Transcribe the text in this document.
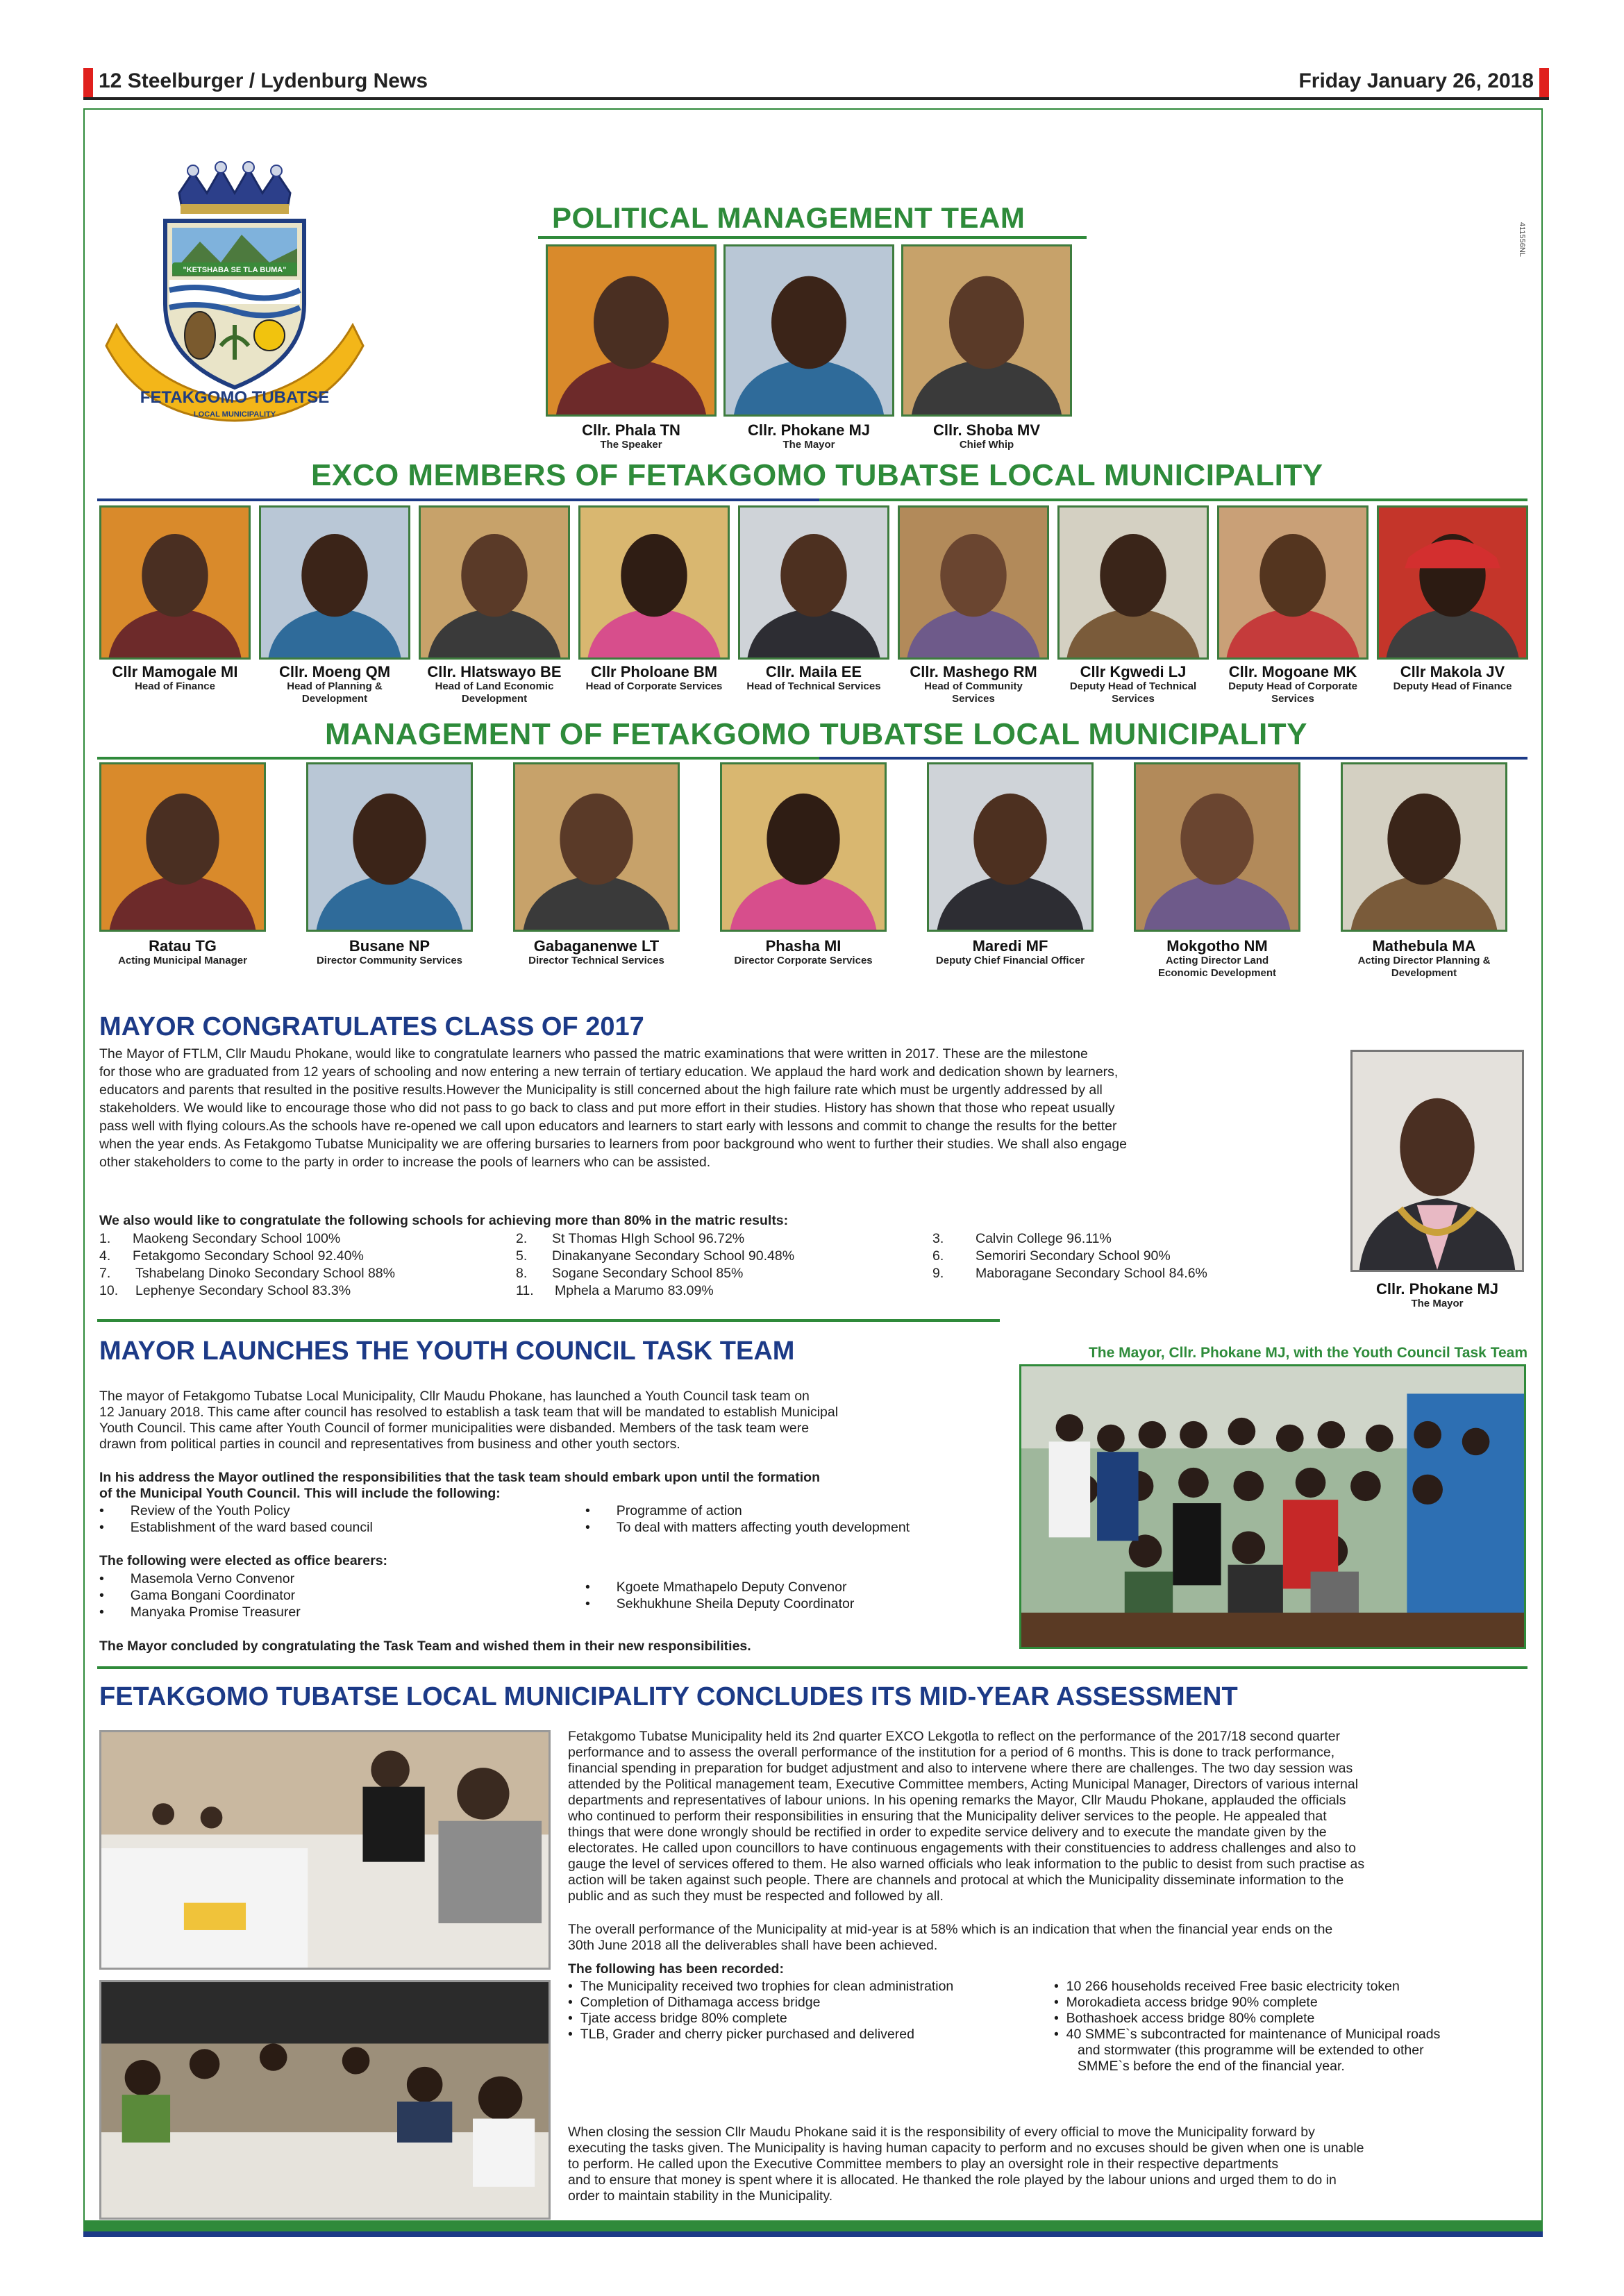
12 Steelburger / Lydenburg News	Friday January 26, 2018
411556NL
"KETSHABA SE TLA BUMA"
FETAKGOMO TUBATSE
LOCAL MUNICIPALITY
POLITICAL MANAGEMENT TEAM
Cllr. Phala TN
The Speaker
Cllr. Phokane MJ
The Mayor
Cllr. Shoba MV
Chief Whip
EXCO MEMBERS OF FETAKGOMO TUBATSE LOCAL MUNICIPALITY
Cllr Mamogale MI
Head of Finance
Cllr. Moeng QM
Head of Planning &
Development
Cllr. Hlatswayo BE
Head of Land Economic
Development
Cllr Pholoane BM
Head of Corporate Services
Cllr. Maila EE
Head of Technical Services
Cllr. Mashego RM
Head of Community
Services
Cllr Kgwedi LJ
Deputy Head of Technical
Services
Cllr. Mogoane MK
Deputy Head of Corporate
Services
Cllr Makola JV
Deputy Head of Finance
MANAGEMENT OF FETAKGOMO TUBATSE LOCAL MUNICIPALITY
Ratau TG
Acting Municipal Manager
Busane NP
Director Community Services
Gabaganenwe LT
Director Technical Services
Phasha MI
Director Corporate Services
Maredi MF
Deputy Chief Financial Officer
Mokgotho NM
Acting Director Land
Economic Development
Mathebula MA
Acting Director Planning &
Development
MAYOR CONGRATULATES CLASS OF 2017
The Mayor of FTLM, Cllr Maudu Phokane, would like to congratulate learners who passed the matric examinations that were written in 2017. These are the milestone
for those who are graduated from 12 years of schooling and now entering a new terrain of tertiary education. We applaud the hard work and dedication shown by learners,
educators and parents that resulted in the positive results.However the Municipality is still concerned about the high failure rate which must be urgently addressed by all
stakeholders. We would like to encourage those who did not pass to go back to class and put more effort in their studies. History has shown that those who repeat usually
pass well with flying colours.As the schools have re-opened we call upon educators and learners to start early with lessons and commit to change the results for the better
when the year ends. As Fetakgomo Tubatse Municipality we are offering bursaries to learners from poor background who went to further their studies. We shall also engage
other stakeholders to come to the party in order to increase the pools of learners who can be assisted.
We also would like to congratulate the following schools for achieving more than 80% in the matric results:
1. Maokeng Secondary School 100%
4. Fetakgomo Secondary School 92.40%
7. Tshabelang Dinoko Secondary School 88%
10. Lephenye Secondary School 83.3%
2. St Thomas HIgh School 96.72%
5. Dinakanyane Secondary School 90.48%
8. Sogane Secondary School 85%
11. Mphela a Marumo 83.09%
3. Calvin College 96.11%
6. Semoriri Secondary School 90%
9. Maboragane Secondary School 84.6%
Cllr. Phokane MJ
The Mayor
MAYOR LAUNCHES THE YOUTH COUNCIL TASK TEAM
The mayor of Fetakgomo Tubatse Local Municipality, Cllr Maudu Phokane, has launched a Youth Council task team on
12 January 2018. This came after council has resolved to establish a task team that will be mandated to establish Municipal
Youth Council. This came after Youth Council of former municipalities were disbanded. Members of the task team were
drawn from political parties in council and representatives from business and other youth sectors.
In his address the Mayor outlined the responsibilities that the task team should embark upon until the formation
of the Municipal Youth Council. This will include the following:
•       Review of the Youth Policy
•       Establishment of the ward based council
•       Programme of action
•       To deal with matters affecting youth development
The following were elected as office bearers:
•       Masemola Verno Convenor
•       Gama Bongani Coordinator
•       Manyaka Promise Treasurer
•       Kgoete Mmathapelo Deputy Convenor
•       Sekhukhune Sheila Deputy Coordinator
The Mayor concluded by congratulating the Task Team and wished them in their new responsibilities.
The Mayor, Cllr. Phokane MJ, with the Youth Council Task Team
FETAKGOMO TUBATSE LOCAL MUNICIPALITY CONCLUDES ITS MID-YEAR ASSESSMENT
Fetakgomo Tubatse Municipality held its 2nd quarter EXCO Lekgotla to reflect on the performance of the 2017/18 second quarter
performance and to assess the overall performance of the institution for a period of 6 months. This is done to track performance,
financial spending in preparation for budget adjustment and also to intervene where there are challenges. The two day session was
attended by the Political management team, Executive Committee members, Acting Municipal Manager, Directors of various internal
departments and representatives of labour unions. In his opening remarks the Mayor, Cllr Maudu Phokane, applauded the officials
who continued to perform their responsibilities in ensuring that the Municipality deliver services to the people. He appealed that
things that were done wrongly should be rectified in order to expedite service delivery and to execute the mandate given by the
electorates. He called upon councillors to have continuous engagements with their constituencies to address challenges and also to
gauge the level of services offered to them. He also warned officials who leak information to the public to desist from such practise as
action will be taken against such people. There are channels and protocal at which the Municipality disseminate information to the
public and as such they must be respected and followed by all.
The overall performance of the Municipality at mid-year is at 58% which is an indication that when the financial year ends on the
30th June 2018 all the deliverables shall have been achieved.
The following has been recorded:
•  The Municipality received two trophies for clean administration
•  Completion of Dithamaga access bridge
•  Tjate access bridge 80% complete
•  TLB, Grader and cherry picker purchased and delivered
•  10 266 households received Free basic electricity token
•  Morokadieta access bridge 90% complete
•  Bothashoek access bridge 80% complete
•  40 SMME`s subcontracted for maintenance of Municipal roads
and stormwater (this programme will be extended to other
SMME`s before the end of the financial year.
When closing the session Cllr Maudu Phokane said it is the responsibility of every official to move the Municipality forward by
executing the tasks given. The Municipality is having human capacity to perform and no excuses should be given when one is unable
to perform. He called upon the Executive Committee members to play an oversight role in their respective departments
and to ensure that money is spent where it is allocated. He thanked the role played by the labour unions and urged them to do in
order to maintain stability in the Municipality.
